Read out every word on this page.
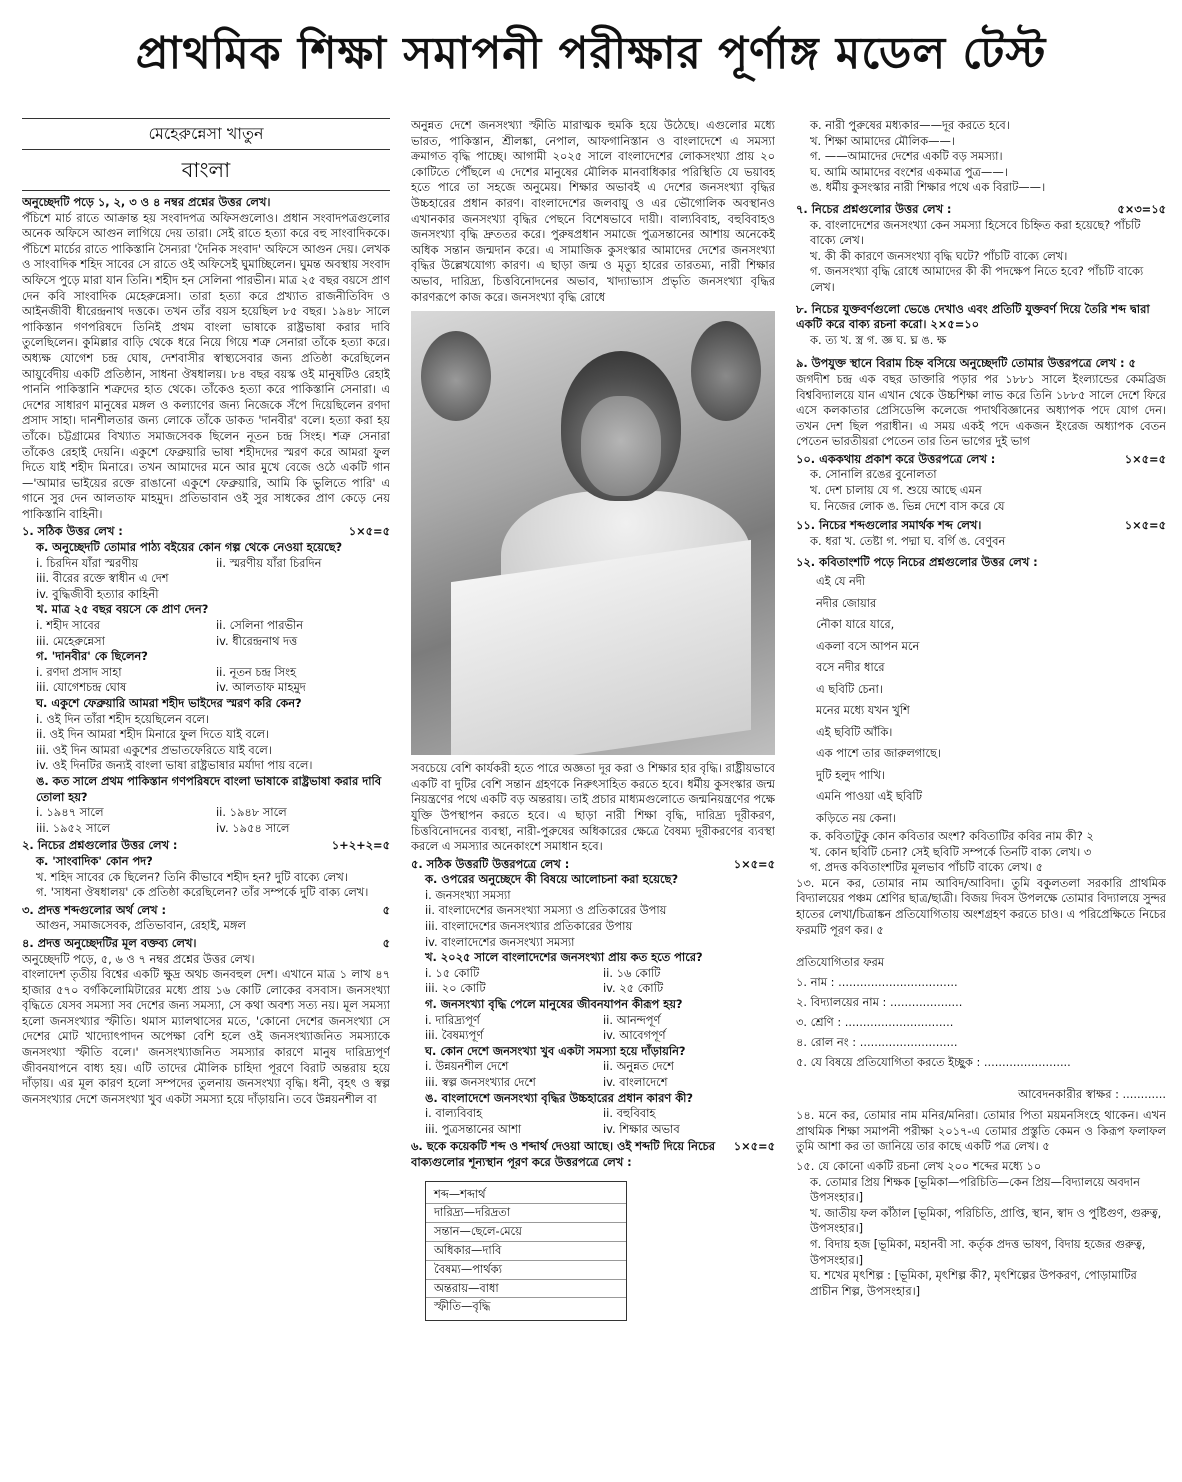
প্রাথমিক শিক্ষা সমাপনী পরীক্ষার পূর্ণাঙ্গ মডেল টেস্ট
মেহেরুন্নেসা খাতুন
বাংলা

অনুচ্ছেদটি পড়ে ১, ২, ৩ ও ৪ নম্বর প্রশ্নের উত্তর লেখ।

পঁচিশে মার্চ রাতে আক্রান্ত হয় সংবাদপত্র অফিসগুলোও। প্রধান সংবাদপত্রগুলোর অনেক অফিসে আগুন লাগিয়ে দেয় তারা। সেই রাতে হত্যা করে বহু সাংবাদিককে। পঁচিশে মার্চের রাতে পাকিস্তানি সৈন্যরা 'দৈনিক সংবাদ' অফিসে আগুন দেয়। লেখক ও সাংবাদিক শহিদ সাবের সে রাতে ওই অফিসেই ঘুমাচ্ছিলেন। ঘুমন্ত অবস্থায় সংবাদ অফিসে পুড়ে মারা যান তিনি। শহীদ হন সেলিনা পারভীন। মাত্র ২৫ বছর বয়সে প্রাণ দেন কবি সাংবাদিক মেহেরুন্নেসা। তারা হত্যা করে প্রখ্যাত রাজনীতিবিদ ও আইনজীবী ধীরেন্দ্রনাথ দত্তকে। তখন তাঁর বয়স হয়েছিল ৮৫ বছর। ১৯৪৮ সালে পাকিস্তান গণপরিষদে তিনিই প্রথম বাংলা ভাষাকে রাষ্ট্রভাষা করার দাবি তুলেছিলেন। কুমিল্লার বাড়ি থেকে ধরে নিয়ে গিয়ে শত্রু সেনারা তাঁকে হত্যা করে। অধ্যক্ষ যোগেশ চন্দ্র ঘোষ, দেশবাসীর স্বাস্থ্যসেবার জন্য প্রতিষ্ঠা করেছিলেন আয়ুর্বেদীয় একটি প্রতিষ্ঠান, সাধনা ঔষধালয়। ৮৪ বছর বয়স্ক ওই মানুষটিও রেহাই পাননি পাকিস্তানি শত্রুদের হাত থেকে। তাঁকেও হত্যা করে পাকিস্তানি সেনারা। এ দেশের সাধারণ মানুষের মঙ্গল ও কল্যাণের জন্য নিজেকে সঁপে দিয়েছিলেন রণদা প্রসাদ সাহা। দানশীলতার জন্য লোকে তাঁকে ডাকত 'দানবীর' বলে। হত্যা করা হয় তাঁকে। চট্টগ্রামের বিখ্যাত সমাজসেবক ছিলেন নূতন চন্দ্র সিংহ। শত্রু সেনারা তাঁকেও রেহাই দেয়নি। একুশে ফেব্রুয়ারি ভাষা শহীদদের স্মরণ করে আমরা ফুল দিতে যাই শহীদ মিনারে। তখন আমাদের মনে আর মুখে বেজে ওঠে একটি গান—'আমার ভাইয়ের রক্তে রাঙানো একুশে ফেব্রুয়ারি, আমি কি ভুলিতে পারি' এ গানে সুর দেন আলতাফ মাহমুদ। প্রতিভাবান ওই সুর সাধকের প্রাণ কেড়ে নেয় পাকিস্তানি বাহিনী।

১. সঠিক উত্তর লেখ :	১×৫=৫

ক. অনুচ্ছেদটি তোমার পাঠ্য বইয়ের কোন গল্প থেকে নেওয়া হয়েছে?

i. চিরদিন যাঁরা স্মরণীয়	ii. স্মরণীয় যাঁরা চিরদিন
iii. বীরের রক্তে স্বাধীন এ দেশ
iv. বুদ্ধিজীবী হত্যার কাহিনী

খ. মাত্র ২৫ বছর বয়সে কে প্রাণ দেন?

i. শহীদ সাবের	ii. সেলিনা পারভীন
iii. মেহেরুন্নেসা	iv. ধীরেন্দ্রনাথ দত্ত

গ. 'দানবীর' কে ছিলেন?

i. রণদা প্রসাদ সাহা	ii. নূতন চন্দ্র সিংহ
iii. যোগেশচন্দ্র ঘোষ	iv. আলতাফ মাহমুদ

ঘ. একুশে ফেব্রুয়ারি আমরা শহীদ ভাইদের স্মরণ করি কেন?

i. ওই দিন তাঁরা শহীদ হয়েছিলেন বলে।
ii. ওই দিন আমরা শহীদ মিনারে ফুল দিতে যাই বলে।
iii. ওই দিন আমরা একুশের প্রভাতফেরিতে যাই বলে।

iv. ওই দিনটির জন্যই বাংলা ভাষা রাষ্ট্রভাষার মর্যাদা পায় বলে।

ঙ. কত সালে প্রথম পাকিস্তান গণপরিষদে বাংলা ভাষাকে রাষ্ট্রভাষা করার দাবি তোলা হয়?

i. ১৯৪৭ সালে	ii. ১৯৪৮ সালে
iii. ১৯৫২ সালে	iv. ১৯৫৪ সালে
২. নিচের প্রশ্নগুলোর উত্তর লেখ :	১+২+২=৫

ক. 'সাংবাদিক' কোন পদ?

খ. শহিদ সাবের কে ছিলেন? তিনি কীভাবে শহীদ হন? দুটি বাক্যে লেখ।

গ. 'সাধনা ঔষধালয়' কে প্রতিষ্ঠা করেছিলেন? তাঁর সম্পর্কে দুটি বাক্য লেখ।

৩. প্রদত্ত শব্দগুলোর অর্থ লেখ :	৫

আগুন, সমাজসেবক, প্রতিভাবান, রেহাই, মঙ্গল

৪. প্রদত্ত অনুচ্ছেদটির মূল বক্তব্য লেখ।	৫

অনুচ্ছেদটি পড়ে, ৫, ৬ ও ৭ নম্বর প্রশ্নের উত্তর লেখ।

বাংলাদেশ তৃতীয় বিশ্বের একটি ক্ষুদ্র অথচ জনবহুল দেশ। এখানে মাত্র ১ লাখ ৪৭ হাজার ৫৭০ বর্গকিলোমিটারের মধ্যে প্রায় ১৬ কোটি লোকের বসবাস। জনসংখ্যা বৃদ্ধিতে যেসব সমস্যা সব দেশের জন্য সমস্যা, সে কথা অবশ্য সত্য নয়। মূল সমস্যা হলো জনসংখ্যার স্ফীতি। থমাস ম্যালথাসের মতে, 'কোনো দেশের জনসংখ্যা সে দেশের মোট খাদ্যোৎপাদন অপেক্ষা বেশি হলে ওই জনসংখ্যাজনিত সমস্যাকে জনসংখ্যা স্ফীতি বলে।' জনসংখ্যাজনিত সমস্যার কারণে মানুষ দারিদ্র্যপূর্ণ জীবনযাপনে বাধ্য হয়। এটি তাদের মৌলিক চাহিদা পূরণে বিরাট অন্তরায় হয়ে দাঁড়ায়। এর মূল কারণ হলো সম্পদের তুলনায় জনসংখ্যা বৃদ্ধি। ধনী, বৃহৎ ও স্বল্প জনসংখ্যার দেশে জনসংখ্যা খুব একটা সমস্যা হয়ে দাঁড়ায়নি। তবে উন্নয়নশীল বা

অনুন্নত দেশে জনসংখ্যা স্ফীতি মারাত্মক হুমকি হয়ে উঠেছে। এগুলোর মধ্যে ভারত, পাকিস্তান, শ্রীলঙ্কা, নেপাল, আফগানিস্তান ও বাংলাদেশে এ সমস্যা ক্রমাগত বৃদ্ধি পাচ্ছে। আগামী ২০২৫ সালে বাংলাদেশের লোকসংখ্যা প্রায় ২০ কোটিতে পৌঁছলে এ দেশের মানুষের মৌলিক মানবাধিকার পরিস্থিতি যে ভয়াবহ হতে পারে তা সহজে অনুমেয়। শিক্ষার অভাবই এ দেশের জনসংখ্যা বৃদ্ধির উচ্চহারের প্রধান কারণ। বাংলাদেশের জলবায়ু ও এর ভৌগোলিক অবস্থানও এখানকার জনসংখ্যা বৃদ্ধির পেছনে বিশেষভাবে দায়ী। বাল্যবিবাহ, বহুবিবাহও জনসংখ্যা বৃদ্ধি দ্রুততর করে। পুরুষপ্রধান সমাজে পুত্রসন্তানের আশায় অনেকেই অধিক সন্তান জন্মদান করে। এ সামাজিক কুসংস্কার আমাদের দেশের জনসংখ্যা বৃদ্ধির উল্লেখযোগ্য কারণ। এ ছাড়া জন্ম ও মৃত্যু হারের তারতম্য, নারী শিক্ষার অভাব, দারিদ্র্য, চিত্তবিনোদনের অভাব, খাদ্যাভ্যাস প্রভৃতি জনসংখ্যা বৃদ্ধির কারণরূপে কাজ করে। জনসংখ্যা বৃদ্ধি রোধে

সবচেয়ে বেশি কার্যকরী হতে পারে অজ্ঞতা দূর করা ও শিক্ষার হার বৃদ্ধি। রাষ্ট্রীয়ভাবে একটি বা দুটির বেশি সন্তান গ্রহণকে নিরুৎসাহিত করতে হবে। ধর্মীয় কুসংস্কার জন্ম নিয়ন্ত্রণের পথে একটি বড় অন্তরায়। তাই প্রচার মাধ্যমগুলোতে জন্মনিয়ন্ত্রণের পক্ষে যুক্তি উপস্থাপন করতে হবে। এ ছাড়া নারী শিক্ষা বৃদ্ধি, দারিদ্র্য দূরীকরণ, চিত্তবিনোদনের ব্যবস্থা, নারী-পুরুষের অধিকারের ক্ষেত্রে বৈষম্য দূরীকরণের ব্যবস্থা করলে এ সমস্যার অনেকাংশে সমাধান হবে।

৫. সঠিক উত্তরটি উত্তরপত্রে লেখ :	১×৫=৫

ক. ওপরের অনুচ্ছেদে কী বিষয়ে আলোচনা করা হয়েছে?

i. জনসংখ্যা সমস্যা
ii. বাংলাদেশের জনসংখ্যা সমস্যা ও প্রতিকারের উপায়
iii. বাংলাদেশের জনসংখ্যার প্রতিকারের উপায়
iv. বাংলাদেশের জনসংখ্যা সমস্যা

খ. ২০২৫ সালে বাংলাদেশের জনসংখ্যা প্রায় কত হতে পারে?

i. ১৫ কোটি	ii. ১৬ কোটি
iii. ২০ কোটি	iv. ২৫ কোটি

গ. জনসংখ্যা বৃদ্ধি পেলে মানুষের জীবনযাপন কীরূপ হয়?

i. দারিদ্র্যপূর্ণ	ii. আনন্দপূর্ণ
iii. বৈষম্যপূর্ণ	iv. আবেগপূর্ণ

ঘ. কোন দেশে জনসংখ্যা খুব একটা সমস্যা হয়ে দাঁড়ায়নি?

i. উন্নয়নশীল দেশে	ii. অনুন্নত দেশে
iii. স্বল্প জনসংখ্যার দেশে	iv. বাংলাদেশে

ঙ. বাংলাদেশে জনসংখ্যা বৃদ্ধির উচ্চহারের প্রধান কারণ কী?

i. বাল্যবিবাহ	ii. বহুবিবাহ
iii. পুত্রসন্তানের আশা	iv. শিক্ষার অভাব
৬. ছকে কয়েকটি শব্দ ও শব্দার্থ দেওয়া আছে। ওই শব্দটি দিয়ে নিচের বাক্যগুলোর শূন্যস্থান পূরণ করে উত্তরপত্রে লেখ :
১×৫=৫
শব্দ—শব্দার্থ
দারিদ্র্য—দরিদ্রতা
সন্তান—ছেলে-মেয়ে
অধিকার—দাবি
বৈষম্য—পার্থক্য
অন্তরায়—বাধা
স্ফীতি—বৃদ্ধি

ক. নারী পুরুষের মধ্যকার——দূর করতে হবে।

খ. শিক্ষা আমাদের মৌলিক——।

গ. ——আমাদের দেশের একটি বড় সমস্যা।

ঘ. আমি আমাদের বংশের একমাত্র পুত্র——।

ঙ. ধর্মীয় কুসংস্কার নারী শিক্ষার পথে এক বিরাট——।

৭. নিচের প্রশ্নগুলোর উত্তর লেখ :	৫×৩=১৫

ক. বাংলাদেশের জনসংখ্যা কেন সমস্যা হিসেবে চিহ্নিত করা হয়েছে? পাঁচটি বাক্যে লেখ।

খ. কী কী কারণে জনসংখ্যা বৃদ্ধি ঘটে? পাঁচটি বাক্যে লেখ।

গ. জনসংখ্যা বৃদ্ধি রোধে আমাদের কী কী পদক্ষেপ নিতে হবে? পাঁচটি বাক্যে লেখ।

৮. নিচের যুক্তবর্ণগুলো ভেঙে দেখাও এবং প্রতিটি যুক্তবর্ণ দিয়ে তৈরি শব্দ দ্বারা একটি করে বাক্য রচনা করো। ২×৫=১০

ক. ত্য খ. স্ত্র গ. জ্ঞ ঘ. ঘ্ন ঙ. ক্ষ

৯. উপযুক্ত স্থানে বিরাম চিহ্ন বসিয়ে অনুচ্ছেদটি তোমার উত্তরপত্রে লেখ : ৫

জগদীশ চন্দ্র এক বছর ডাক্তারি পড়ার পর ১৮৮১ সালে ইংল্যান্ডের কেমব্রিজ বিশ্ববিদ্যালয়ে যান এখান থেকে উচ্চশিক্ষা লাভ করে তিনি ১৮৮৫ সালে দেশে ফিরে এসে কলকাতার প্রেসিডেন্সি কলেজে পদার্থবিজ্ঞানের অধ্যাপক পদে যোগ দেন। তখন দেশ ছিল পরাধীন। এ সময় একই পদে একজন ইংরেজ অধ্যাপক বেতন পেতেন ভারতীয়রা পেতেন তার তিন ভাগের দুই ভাগ

১০. এককথায় প্রকাশ করে উত্তরপত্রে লেখ :	১×৫=৫

ক. সোনালি রঙের বুনোলতা

খ. দেশ চালায় যে গ. শুয়ে আছে এমন

ঘ. নিজের লোক ঙ. ভিন্ন দেশে বাস করে যে

১১. নিচের শব্দগুলোর সমার্থক শব্দ লেখ।	১×৫=৫

ক. ধরা খ. তেষ্টা গ. পদ্মা ঘ. বর্গি ঙ. বেণুবন

১২. কবিতাংশটি পড়ে নিচের প্রশ্নগুলোর উত্তর লেখ :

এই যে নদী
নদীর জোয়ার
নৌকা যারে যারে,
একলা বসে আপন মনে
বসে নদীর ধারে
এ ছবিটি চেনা।
মনের মধ্যে যখন খুশি
এই ছবিটি আঁকি।
এক পাশে তার জারুলগাছে।
দুটি হলুদ পাখি।
এমনি পাওয়া এই ছবিটি
কড়িতে নয় কেনা।

ক. কবিতাটুকু কোন কবিতার অংশ? কবিতাটির কবির নাম কী? ২

খ. কোন ছবিটি চেনা? সেই ছবিটি সম্পর্কে তিনটি বাক্য লেখ। ৩

গ. প্রদত্ত কবিতাংশটির মূলভাব পাঁচটি বাক্যে লেখ। ৫

১৩. মনে কর, তোমার নাম আবিদ/আবিদা। তুমি বকুলতলা সরকারি প্রাথমিক বিদ্যালয়ের পঞ্চম শ্রেণির ছাত্র/ছাত্রী। বিজয় দিবস উপলক্ষে তোমার বিদ্যালয়ে সুন্দর হাতের লেখা/চিত্রাঙ্কন প্রতিযোগিতায় অংশগ্রহণ করতে চাও। এ পরিপ্রেক্ষিতে নিচের ফরমটি পূরণ কর। ৫

প্রতিযোগিতার ফরম
১. নাম : .................................
২. বিদ্যালয়ের নাম : ....................
৩. শ্রেণি : ..............................
৪. রোল নং : ...........................
৫. যে বিষয়ে প্রতিযোগিতা করতে ইচ্ছুক : ........................
আবেদনকারীর স্বাক্ষর : ............

১৪. মনে কর, তোমার নাম মনির/মনিরা। তোমার পিতা ময়মনসিংহে থাকেন। এখন প্রাথমিক শিক্ষা সমাপনী পরীক্ষা ২০১৭-এ তোমার প্রস্তুতি কেমন ও কিরূপ ফলাফল তুমি আশা কর তা জানিয়ে তার কাছে একটি পত্র লেখ। ৫

১৫. যে কোনো একটি রচনা লেখ ২০০ শব্দের মধ্যে ১০

ক. তোমার প্রিয় শিক্ষক [ভূমিকা—পরিচিতি—কেন প্রিয়—বিদ্যালয়ে অবদান উপসংহার।]

খ. জাতীয় ফল কাঁঠাল [ভূমিকা, পরিচিতি, প্রাপ্তি, স্থান, স্বাদ ও পুষ্টিগুণ, গুরুত্ব, উপসংহার।]

গ. বিদায় হজ [ভূমিকা, মহানবী সা. কর্তৃক প্রদত্ত ভাষণ, বিদায় হজের গুরুত্ব, উপসংহার।]

ঘ. শখের মৃৎশিল্প : [ভূমিকা, মৃৎশিল্প কী?, মৃৎশিল্পের উপকরণ, পোড়ামাটির প্রাচীন শিল্প, উপসংহার।]
